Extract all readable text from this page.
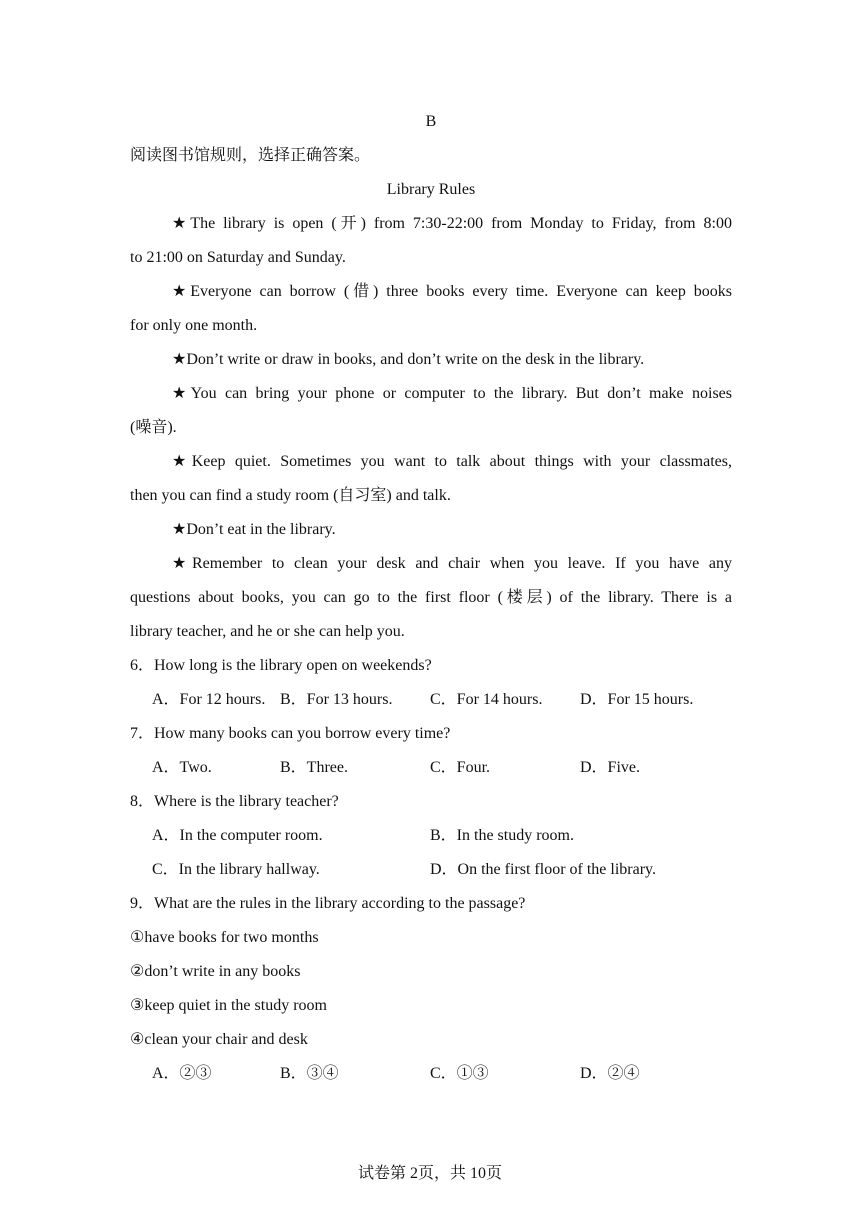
B
阅读图书馆规则，选择正确答案。
Library Rules
★The library is open (开) from 7:30-22:00 from Monday to Friday, from 8:00
to 21:00 on Saturday and Sunday.
★Everyone can borrow (借) three books every time. Everyone can keep books
for only one month.
★Don’t write or draw in books, and don’t write on the desk in the library.
★You can bring your phone or computer to the library. But don’t make noises
(噪音).
★Keep quiet. Sometimes you want to talk about things with your classmates,
then you can find a study room (自习室) and talk.
★Don’t eat in the library.
★Remember to clean your desk and chair when you leave. If you have any
questions about books, you can go to the first floor (楼层) of the library. There is a
library teacher, and he or she can help you.
6．How long is the library open on weekends?
A．For 12 hours. B．For 13 hours. C．For 14 hours. D．For 15 hours.
7．How many books can you borrow every time?
A．Two.	B．Three.	C．Four.	D．Five.
8．Where is the library teacher?
A．In the computer room.	B．In the study room.
C．In the library hallway.	D．On the first floor of the library.
9．What are the rules in the library according to the passage?
①have books for two months
②don’t write in any books
③keep quiet in the study room
④clean your chair and desk
A．②③	B．③④	C．①③	D．②④
试卷第 2页，共 10页
